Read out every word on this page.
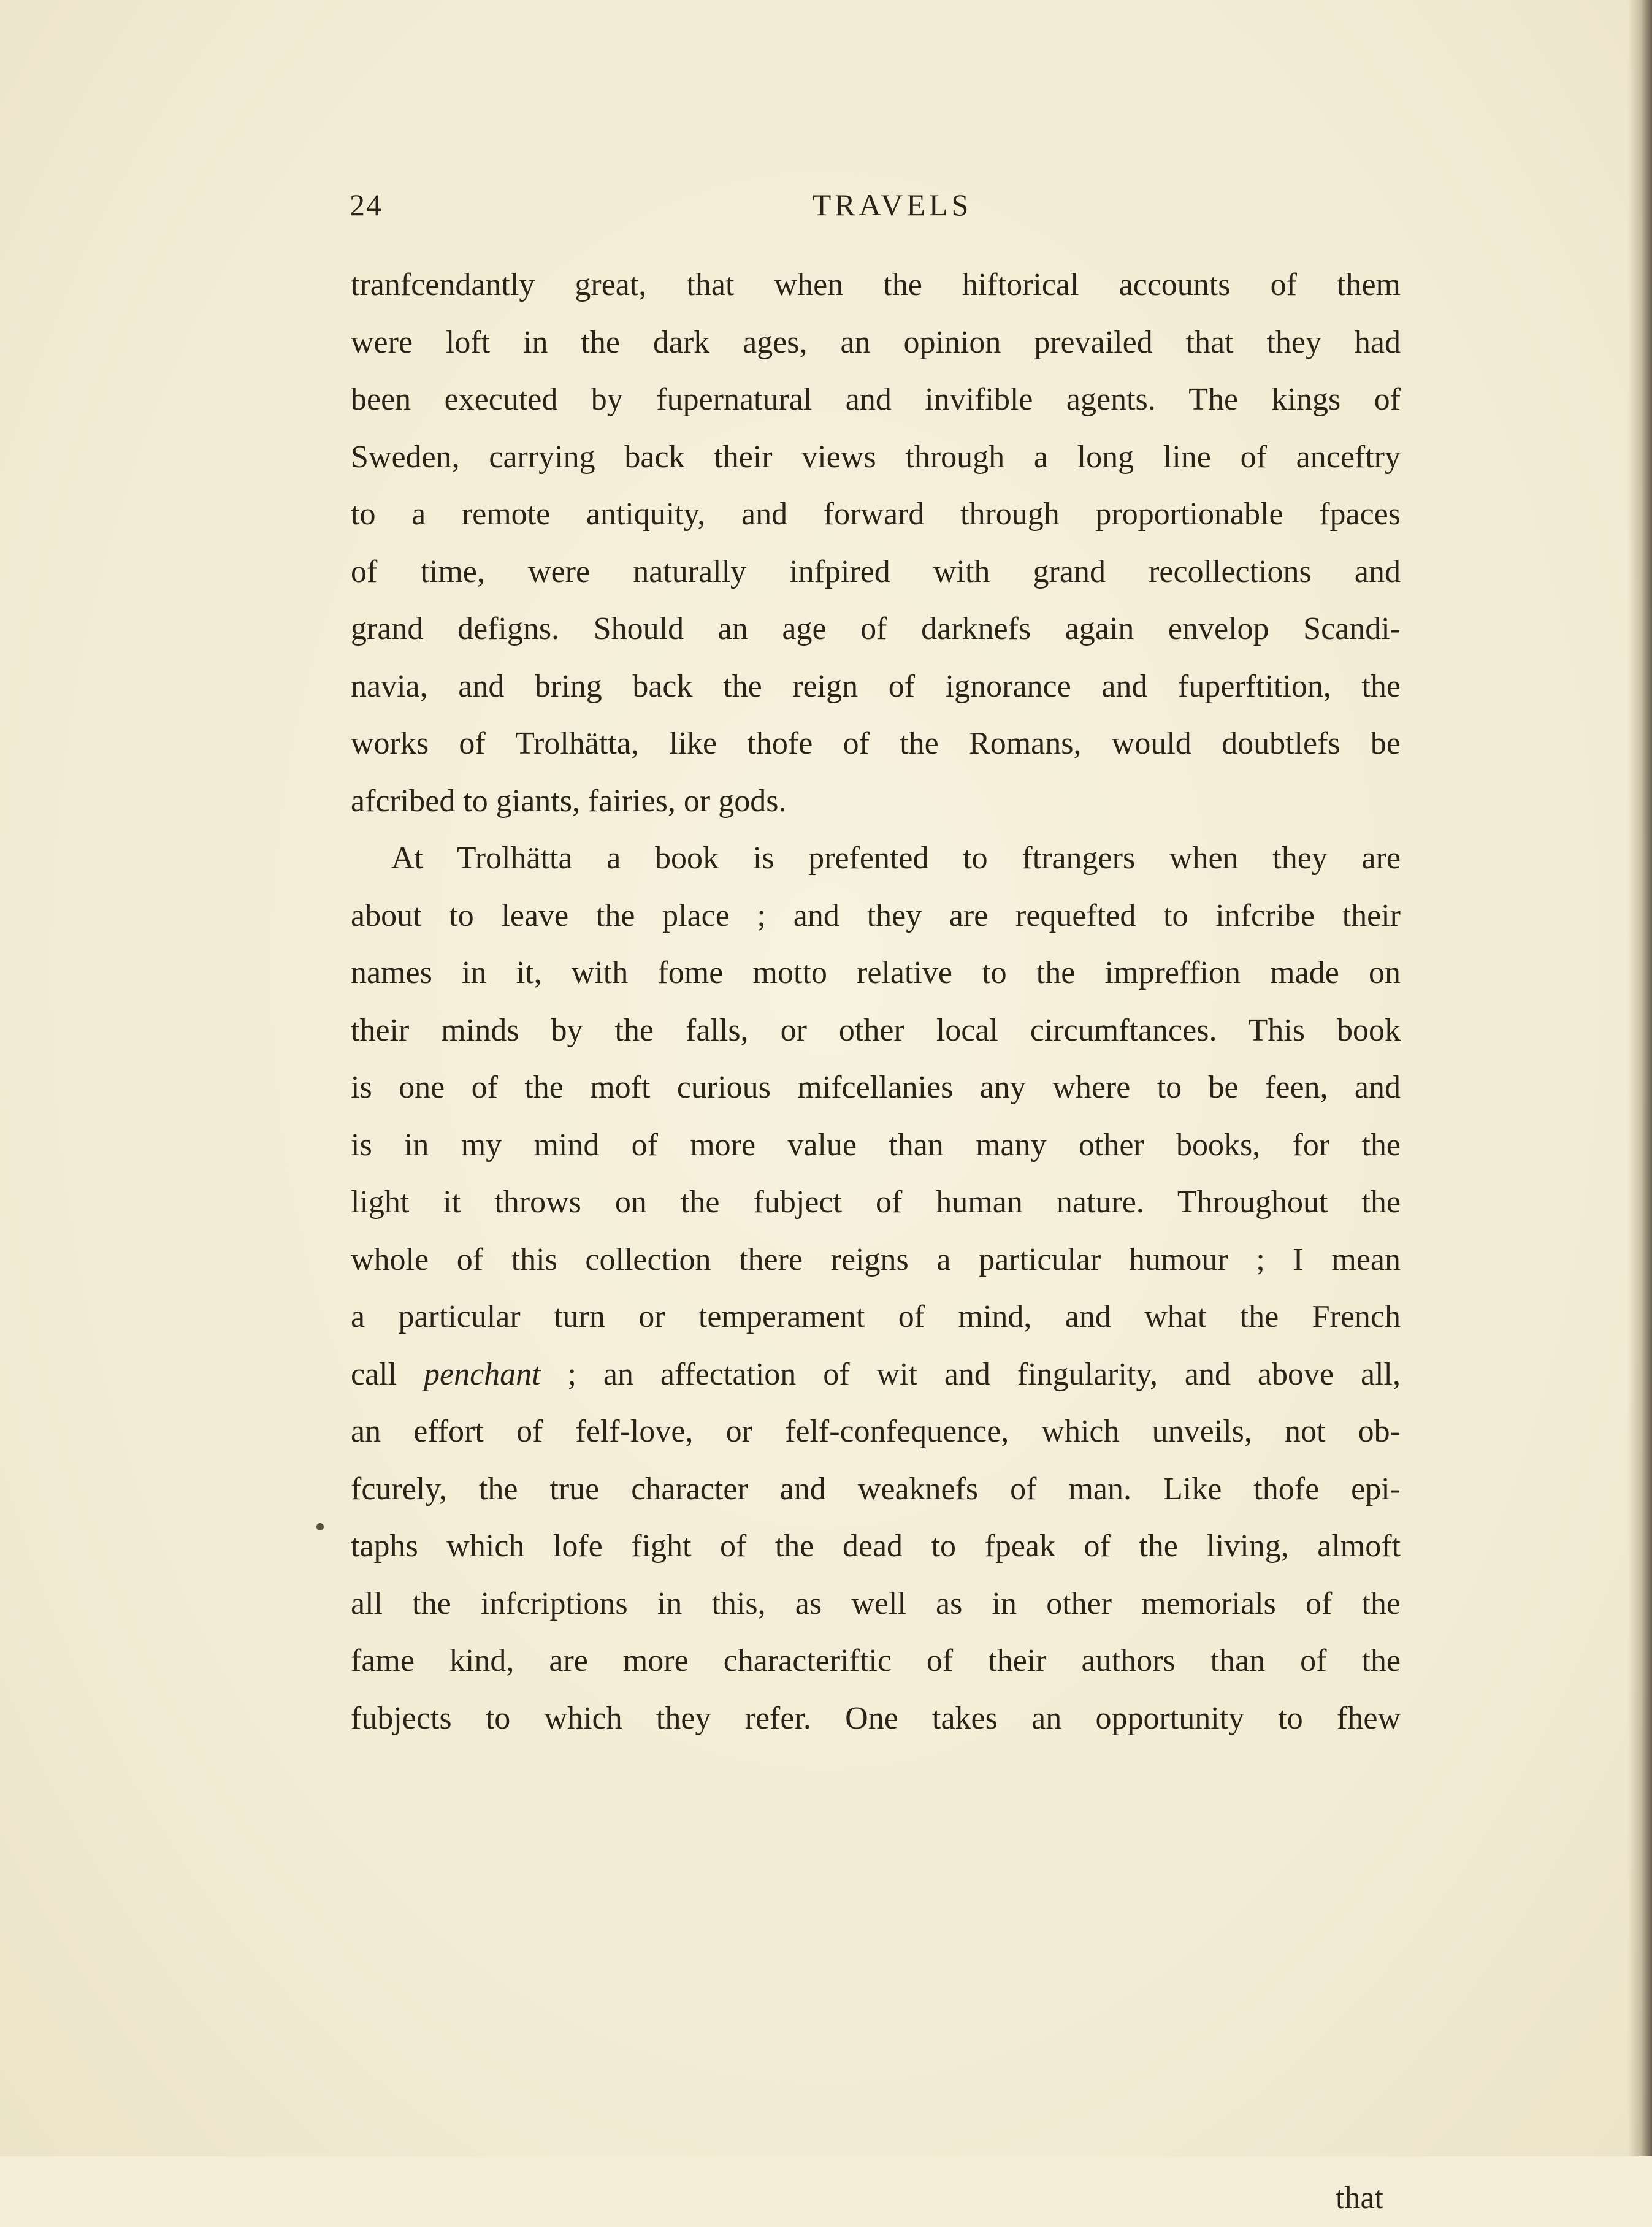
24	TRAVELS
tranfcendantly great, that when the hiftorical accounts of them
were loft in the dark ages, an opinion prevailed that they had
been executed by fupernatural and invifible agents. The kings of
Sweden, carrying back their views through a long line of anceftry
to a remote antiquity, and forward through proportionable fpaces
of time, were naturally infpired with grand recollections and
grand defigns. Should an age of darknefs again envelop Scandi-
navia, and bring back the reign of ignorance and fuperftition, the
works of Trolhätta, like thofe of the Romans, would doubtlefs be
afcribed to giants, fairies, or gods.
At Trolhätta a book is prefented to ftrangers when they are
about to leave the place ; and they are requefted to infcribe their
names in it, with fome motto relative to the impreffion made on
their minds by the falls, or other local circumftances. This book
is one of the moft curious mifcellanies any where to be feen, and
is in my mind of more value than many other books, for the
light it throws on the fubject of human nature. Throughout the
whole of this collection there reigns a particular humour ; I mean
a particular turn or temperament of mind, and what the French
call penchant ; an affectation of wit and fingularity, and above all,
an effort of felf-love, or felf-confequence, which unveils, not ob-
fcurely, the true character and weaknefs of man. Like thofe epi-
taphs which lofe fight of the dead to fpeak of the living, almoft
all the infcriptions in this, as well as in other memorials of the
fame kind, are more characteriftic of their authors than of the
fubjects to which they refer. One takes an opportunity to fhew
that
